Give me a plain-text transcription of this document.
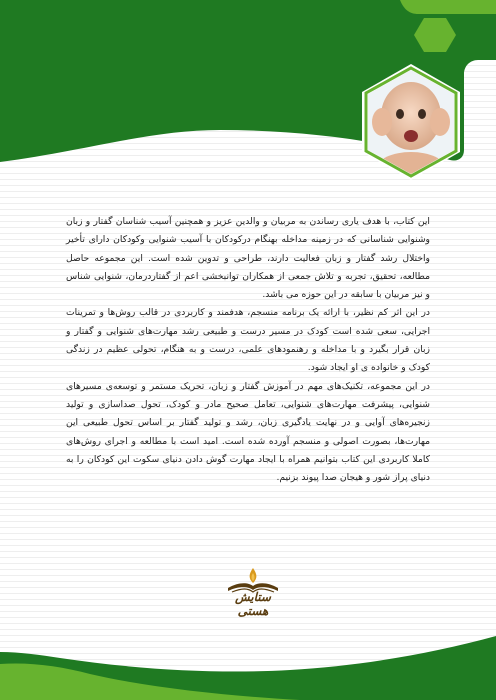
این کتاب، با هدف یاری رساندن به مربیان و والدین عزیز و همچنین آسیب شناسان گفتار و زبان وشنوایی شناسانی که در زمینه مداخله بهنگام درکودکان با آسیب شنوایی وکودکان دارای تأخیر واختلال رشد گفتار و زبان فعالیت دارند، طراحی و تدوین شده است. این مجموعه حاصل مطالعه، تحقیق، تجربه و تلاش جمعی از همکاران توانبخشی اعم از گفتاردرمان، شنوایی شناس و نیز مربیان با سابقه در این حوزه می باشد.

در این اثر کم نظیر، با ارائه یک برنامه منسجم، هدفمند و کاربردی در قالب روش‌ها و تمرینات اجرایی، سعی شده است کودک در مسیر درست و طبیعی رشد مهارت‌های شنوایی و گفتار و زبان قرار بگیرد و با مداخله و رهنمودهای علمی، درست و به هنگام، تحولی عظیم در زندگی کودک و خانواده ی او ایجاد شود.

در این مجموعه، تکنیک‌های مهم در آموزش گفتار و زبان، تحریک مستمر و توسعه‌ی مسیرهای شنوایی، پیشرفت مهارت‌های شنوایی، تعامل صحیح مادر و کودک، تحول صداسازی و تولید زنجیره‌های آوایی و در نهایت یادگیری زبان، رشد و تولید گفتار بر اساس تحول طبیعی این مهارت‌ها، بصورت اصولی و منسجم آورده شده است. امید است با مطالعه و اجرای روش‌های کاملا کاربردی این کتاب بتوانیم همراه با ایجاد مهارت گوش دادن دنیای سکوت این کودکان را به دنیای پراز شور و هیجان صدا پیوند بزنیم.

ستایش هستی
